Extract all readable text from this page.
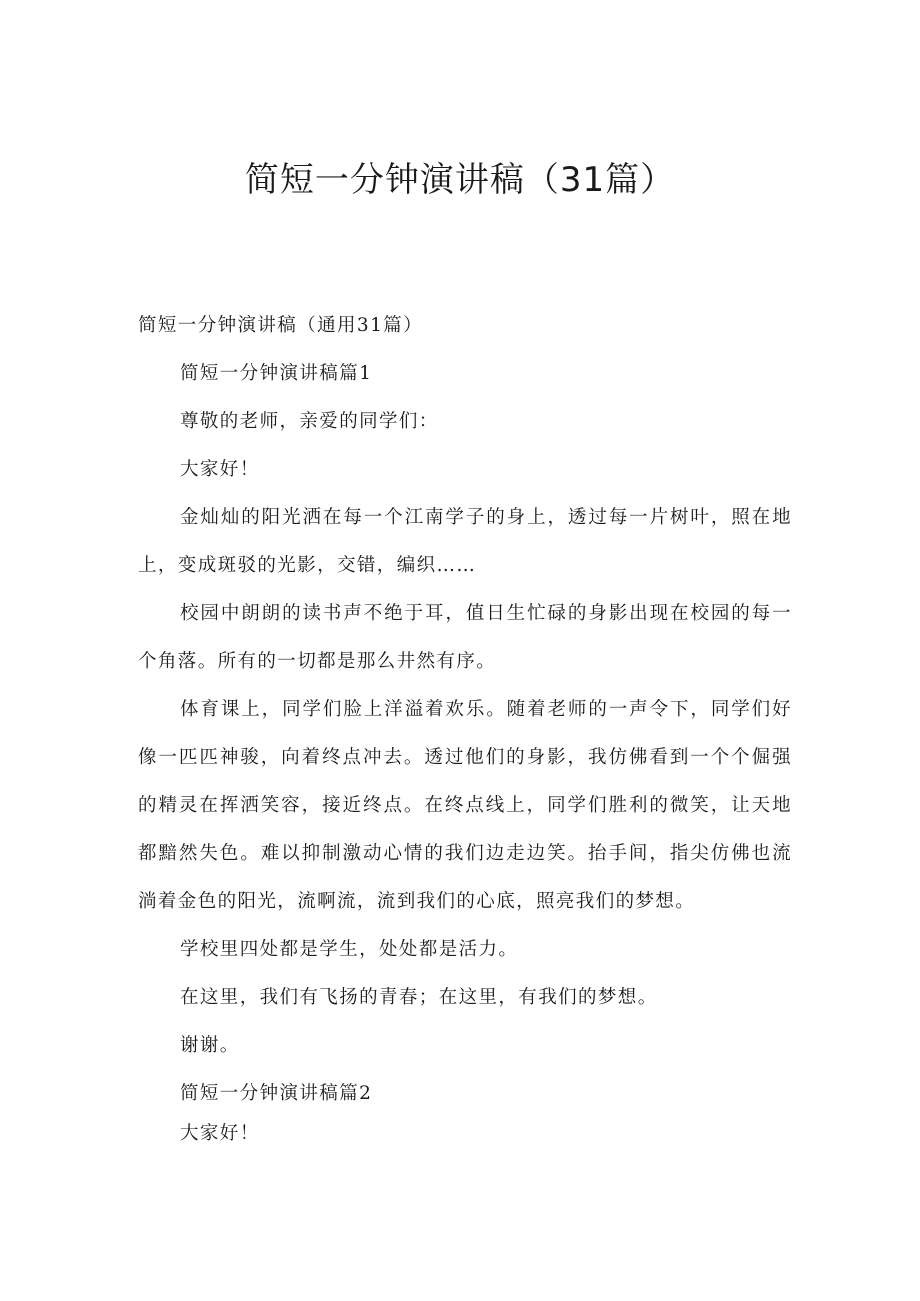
简短一分钟演讲稿（31篇）

简短一分钟演讲稿（通用31篇）

简短一分钟演讲稿篇1

尊敬的老师，亲爱的同学们：

大家好！

金灿灿的阳光洒在每一个江南学子的身上，透过每一片树叶，照在地上，变成斑驳的光影，交错，编织……

校园中朗朗的读书声不绝于耳，值日生忙碌的身影出现在校园的每一个角落。所有的一切都是那么井然有序。

体育课上，同学们脸上洋溢着欢乐。随着老师的一声令下，同学们好像一匹匹神骏，向着终点冲去。透过他们的身影，我仿佛看到一个个倔强的精灵在挥洒笑容，接近终点。在终点线上，同学们胜利的微笑，让天地都黯然失色。难以抑制激动心情的我们边走边笑。抬手间，指尖仿佛也流淌着金色的阳光，流啊流，流到我们的心底，照亮我们的梦想。

学校里四处都是学生，处处都是活力。

在这里，我们有飞扬的青春；在这里，有我们的梦想。

谢谢。

简短一分钟演讲稿篇2

大家好！
